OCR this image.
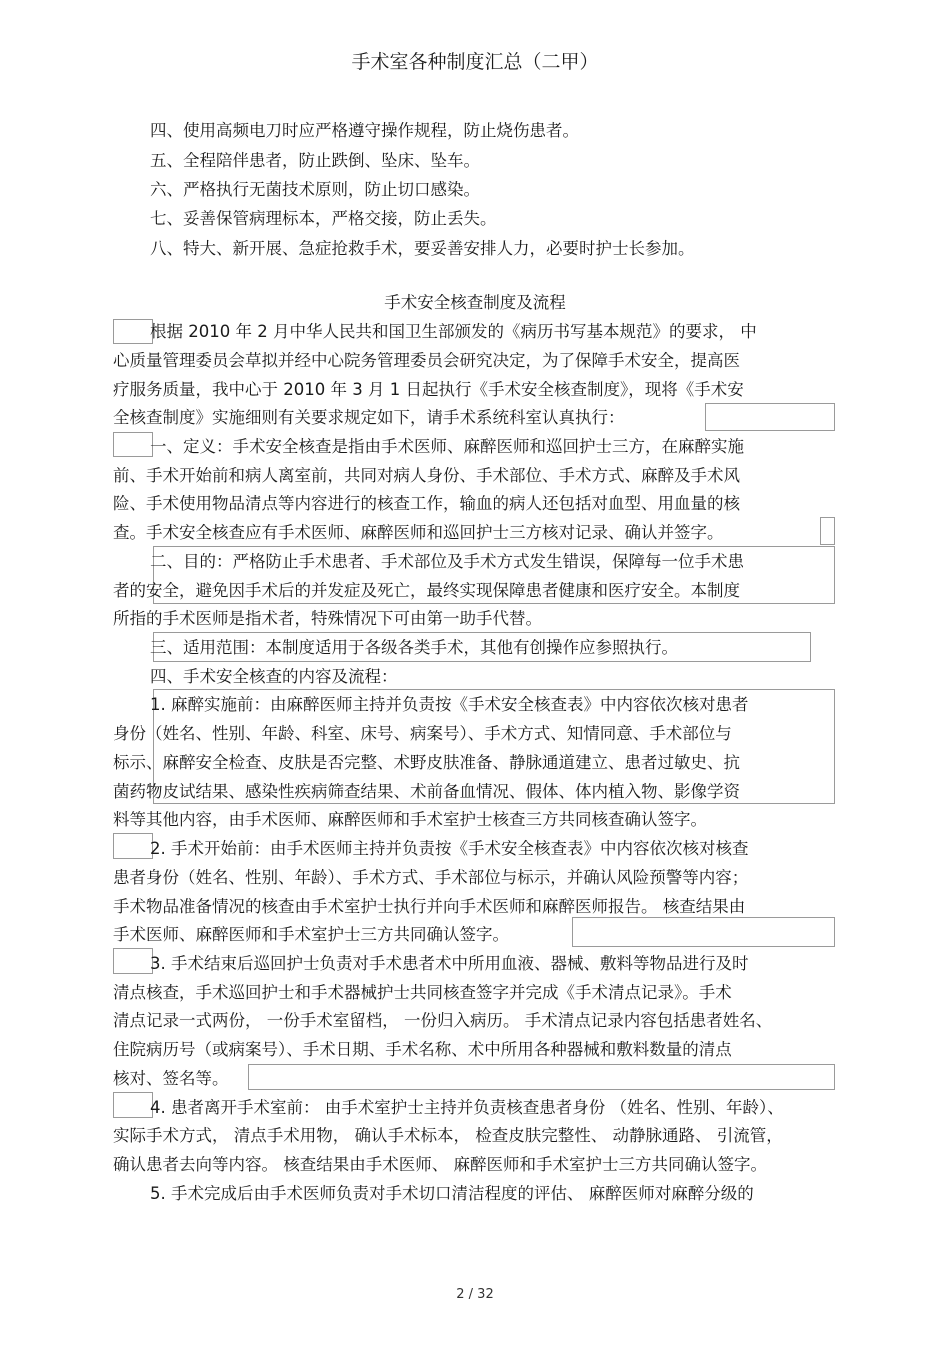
手术室各种制度汇总（二甲）
四、使用高频电刀时应严格遵守操作规程，防止烧伤患者。
五、全程陪伴患者，防止跌倒、坠床、坠车。
六、严格执行无菌技术原则，防止切口感染。
七、妥善保管病理标本，严格交接，防止丢失。
八、特大、新开展、急症抢救手术，要妥善安排人力，必要时护士长参加。
手术安全核查制度及流程
根据 2010 年 2 月中华人民共和国卫生部颁发的《病历书写基本规范》的要求， 中
心质量管理委员会草拟并经中心院务管理委员会研究决定，为了保障手术安全，提高医
疗服务质量，我中心于 2010 年 3 月 1 日起执行《手术安全核查制度》，现将《手术安
全核查制度》实施细则有关要求规定如下，请手术系统科室认真执行：
一、定义：手术安全核查是指由手术医师、麻醉医师和巡回护士三方，在麻醉实施
前、手术开始前和病人离室前，共同对病人身份、手术部位、手术方式、麻醉及手术风
险、手术使用物品清点等内容进行的核查工作，输血的病人还包括对血型、用血量的核
查。手术安全核查应有手术医师、麻醉医师和巡回护士三方核对记录、确认并签字。
二、目的：严格防止手术患者、手术部位及手术方式发生错误，保障每一位手术患
者的安全，避免因手术后的并发症及死亡，最终实现保障患者健康和医疗安全。本制度
所指的手术医师是指术者，特殊情况下可由第一助手代替。
三、适用范围：本制度适用于各级各类手术，其他有创操作应参照执行。
四、手术安全核查的内容及流程：
1. 麻醉实施前：由麻醉医师主持并负责按《手术安全核查表》中内容依次核对患者
身份（姓名、性别、年龄、科室、床号、病案号）、手术方式、知情同意、手术部位与
标示、麻醉安全检查、皮肤是否完整、术野皮肤准备、静脉通道建立、患者过敏史、抗
菌药物皮试结果、感染性疾病筛查结果、术前备血情况、假体、体内植入物、影像学资
料等其他内容，由手术医师、麻醉医师和手术室护士核查三方共同核查确认签字。
2. 手术开始前：由手术医师主持并负责按《手术安全核查表》中内容依次核对核查
患者身份（姓名、性别、年龄）、手术方式、手术部位与标示，并确认风险预警等内容；
手术物品准备情况的核查由手术室护士执行并向手术医师和麻醉医师报告。 核查结果由
手术医师、麻醉医师和手术室护士三方共同确认签字。
3. 手术结束后巡回护士负责对手术患者术中所用血液、器械、敷料等物品进行及时
清点核查，手术巡回护士和手术器械护士共同核查签字并完成《手术清点记录》。手术
清点记录一式两份， 一份手术室留档， 一份归入病历。 手术清点记录内容包括患者姓名、
住院病历号（或病案号）、手术日期、手术名称、术中所用各种器械和敷料数量的清点
核对、签名等。
4. 患者离开手术室前： 由手术室护士主持并负责核查患者身份 （姓名、性别、年龄）、
实际手术方式， 清点手术用物， 确认手术标本， 检查皮肤完整性、 动静脉通路、 引流管，
确认患者去向等内容。 核查结果由手术医师、 麻醉医师和手术室护士三方共同确认签字。
5. 手术完成后由手术医师负责对手术切口清洁程度的评估、 麻醉医师对麻醉分级的
2 / 32
